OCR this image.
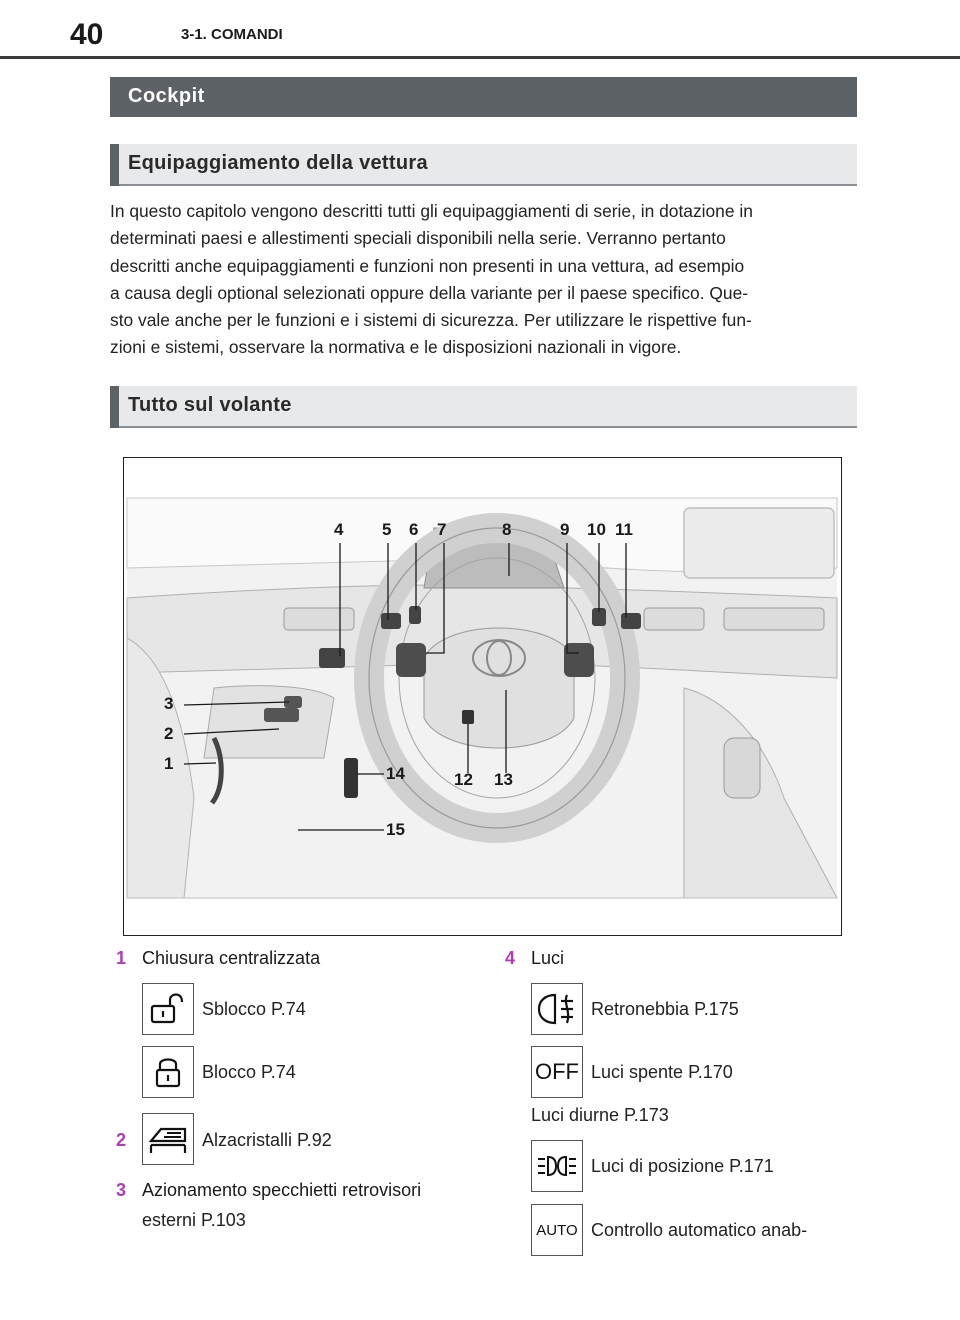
40	3-1. COMANDI
Cockpit
Equipaggiamento della vettura
In questo capitolo vengono descritti tutti gli equipaggiamenti di serie, in dotazione in
determinati paesi e allestimenti speciali disponibili nella serie. Verranno pertanto
descritti anche equipaggiamenti e funzioni non presenti in una vettura, ad esempio
a causa degli optional selezionati oppure della variante per il paese specifico. Que-
sto vale anche per le funzioni e i sistemi di sicurezza. Per utilizzare le rispettive fun-
zioni e sistemi, osservare la normativa e le disposizioni nazionali in vigore.
Tutto sul volante
4 5 6 7	8	9 10 11
3
2
1
14	12 13
15
1 Chiusura centralizzata
Sblocco P.74
Blocco P.74
2	Alzacristalli P.92
3 Azionamento specchietti retrovisori
esterni P.103
4 Luci
Retronebbia P.175
OFF Luci spente P.170
Luci diurne P.173
Luci di posizione P.171
AUTO Controllo automatico anab-
